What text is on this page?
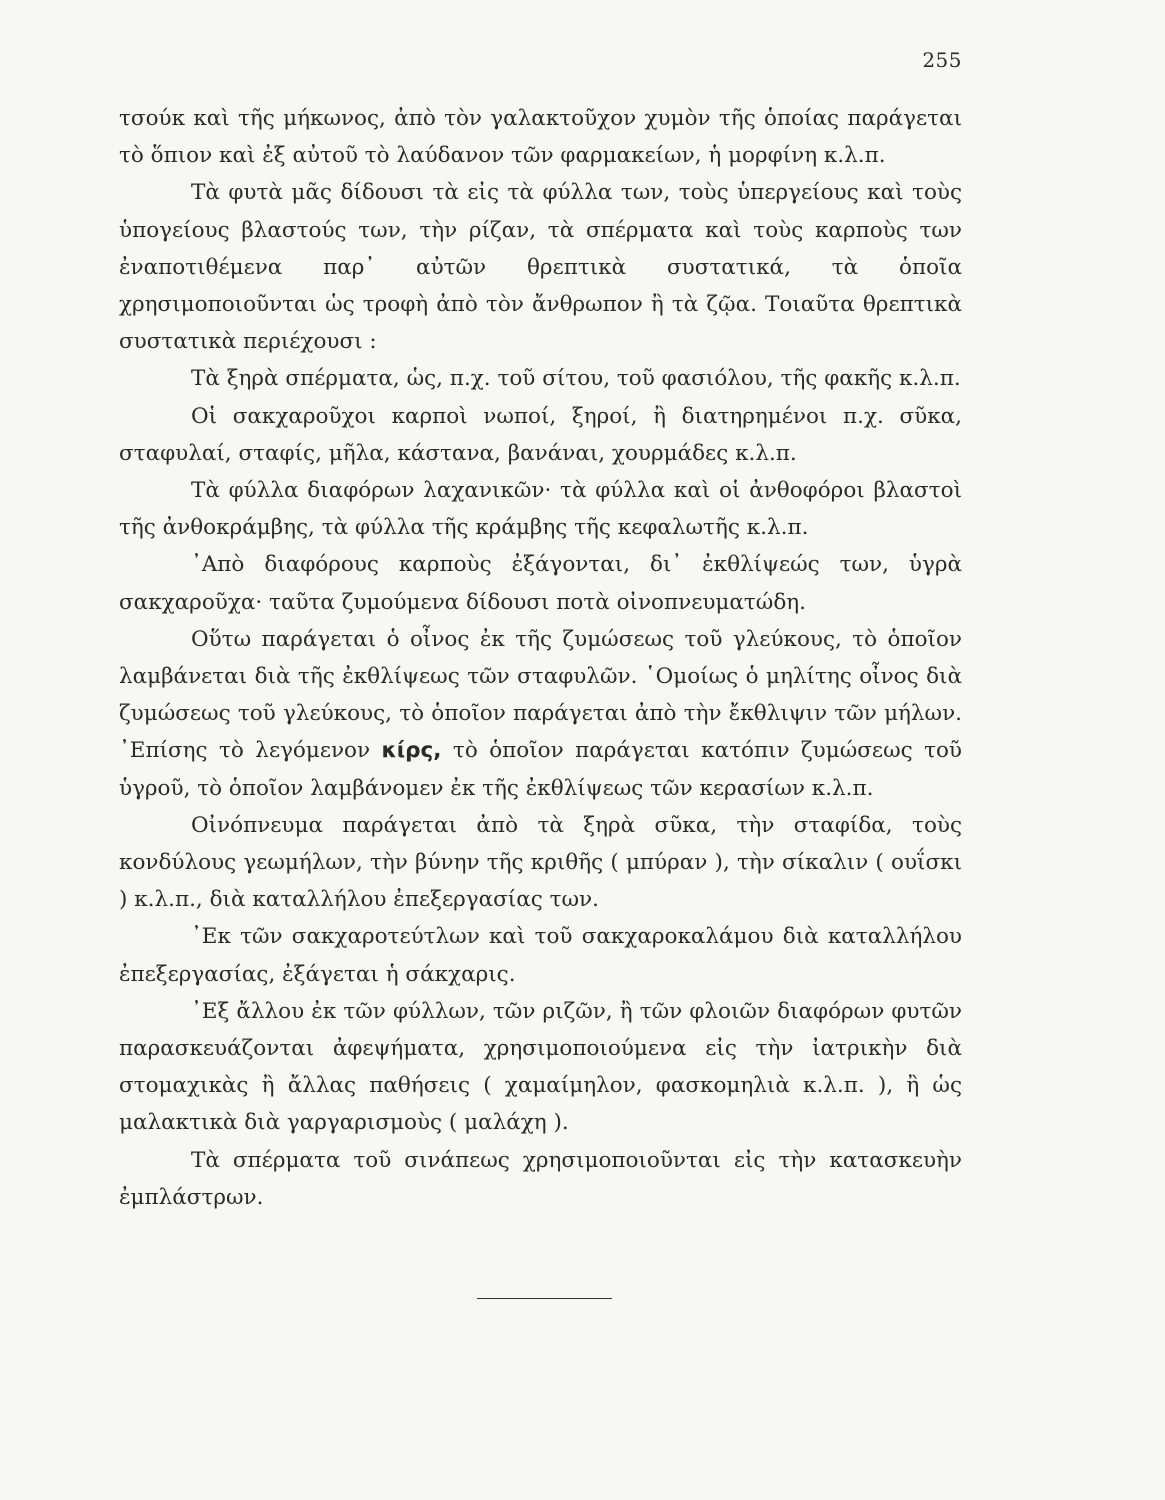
255

τσούκ καὶ τῆς μήκωνος, ἀπὸ τὸν γαλακτοῦχον χυμὸν τῆς ὁποίας παράγεται τὸ ὅπιον καὶ ἐξ αὐτοῦ τὸ λαύδανον τῶν φαρμακείων, ἡ μορφίνη κ.λ.π.

Τὰ φυτὰ μᾶς δίδουσι τὰ εἰς τὰ φύλλα των, τοὺς ὑπεργείους καὶ τοὺς ὑπογείους βλαστούς των, τὴν ρίζαν, τὰ σπέρματα καὶ τοὺς καρποὺς των ἐναποτιθέμενα παρ᾽ αὐτῶν θρεπτικὰ συστατικά, τὰ ὁποῖα χρησιμοποιοῦνται ὡς τροφὴ ἀπὸ τὸν ἄνθρωπον ἢ τὰ ζῷα. Τοιαῦτα θρεπτικὰ συστατικὰ περιέχουσι :

Τὰ ξηρὰ σπέρματα, ὡς, π.χ. τοῦ σίτου, τοῦ φασιόλου, τῆς φακῆς κ.λ.π.

Οἱ σακχαροῦχοι καρποὶ νωποί, ξηροί, ἢ διατηρημένοι π.χ. σῦκα, σταφυλαί, σταφίς, μῆλα, κάστανα, βανάναι, χουρμάδες κ.λ.π.

Τὰ φύλλα διαφόρων λαχανικῶν· τὰ φύλλα καὶ οἱ ἀνθοφόροι βλαστοὶ τῆς ἀνθοκράμβης, τὰ φύλλα τῆς κράμβης τῆς κεφαλωτῆς κ.λ.π.

᾽Απὸ διαφόρους καρποὺς ἐξάγονται, δι᾽ ἐκθλίψεώς των, ὑγρὰ σακχαροῦχα· ταῦτα ζυμούμενα δίδουσι ποτὰ οἰνοπνευματώδη.

Οὕτω παράγεται ὁ οἶνος ἐκ τῆς ζυμώσεως τοῦ γλεύκους, τὸ ὁποῖον λαμβάνεται διὰ τῆς ἐκθλίψεως τῶν σταφυλῶν. ῾Ομοίως ὁ μηλίτης οἶνος διὰ ζυμώσεως τοῦ γλεύκους, τὸ ὁποῖον παράγεται ἀπὸ τὴν ἔκθλιψιν τῶν μήλων. ᾽Επίσης τὸ λεγόμενον κίρς, τὸ ὁποῖον παράγεται κατόπιν ζυμώσεως τοῦ ὑγροῦ, τὸ ὁποῖον λαμβάνομεν ἐκ τῆς ἐκθλίψεως τῶν κερασίων κ.λ.π.

Οἰνόπνευμα παράγεται ἀπὸ τὰ ξηρὰ σῦκα, τὴν σταφίδα, τοὺς κονδύλους γεωμήλων, τὴν βύνην τῆς κριθῆς ( μπύραν ), τὴν σίκαλιν ( ουΐσκι ) κ.λ.π., διὰ καταλλήλου ἐπεξεργασίας των.

᾽Εκ τῶν σακχαροτεύτλων καὶ τοῦ σακχαροκαλάμου διὰ καταλλήλου ἐπεξεργασίας, ἐξάγεται ἡ σάκχαρις.

᾽Εξ ἄλλου ἐκ τῶν φύλλων, τῶν ριζῶν, ἢ τῶν φλοιῶν διαφόρων φυτῶν παρασκευάζονται ἀφεψήματα, χρησιμοποιούμενα εἰς τὴν ἰατρικὴν διὰ στομαχικὰς ἢ ἄλλας παθήσεις ( χαμαίμηλον, φασκομηλιὰ κ.λ.π. ), ἢ ὡς μαλακτικὰ διὰ γαργαρισμοὺς ( μαλάχη ).

Τὰ σπέρματα τοῦ σινάπεως χρησιμοποιοῦνται εἰς τὴν κατασκευὴν ἐμπλάστρων.
